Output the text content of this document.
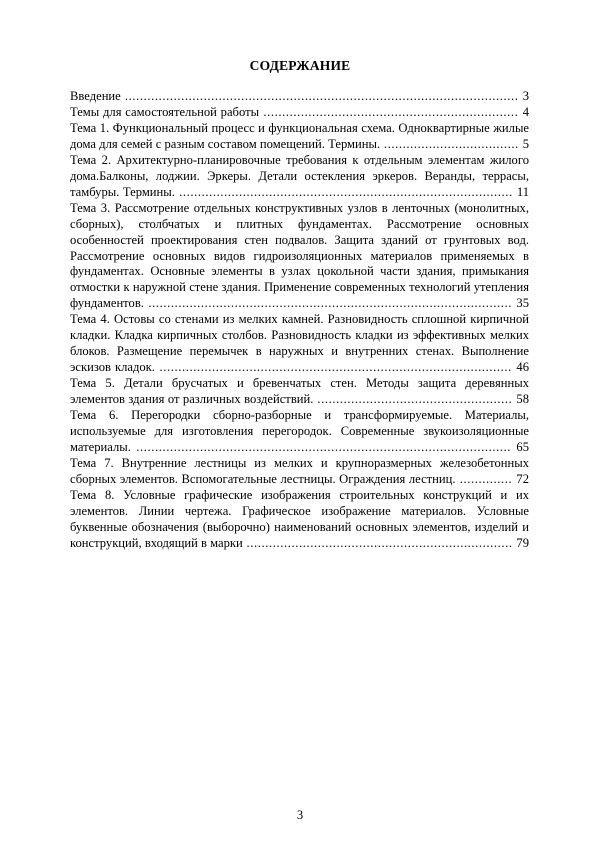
СОДЕРЖАНИЕ
Введение ......................................................................................................... 3
Темы для самостоятельной работы .................................................................... 4
Тема 1. Функциональный процесс и функциональная схема. Одноквартирные жилые дома для семей с разным составом помещений. Термины. .................................... 5
Тема 2. Архитектурно-планировочные требования к отдельным элементам жилого дома.Балконы, лоджии. Эркеры. Детали остекления эркеров. Веранды, террасы, тамбуры. Термины. ......................................................................................... 11
Тема 3. Рассмотрение отдельных конструктивных узлов в ленточных (монолитных, сборных), столбчатых и плитных фундаментах. Рассмотрение основных особенностей проектирования стен подвалов. Защита зданий от грунтовых вод. Рассмотрение основных видов гидроизоляционных материалов применяемых в фундаментах. Основные элементы в узлах цокольной части здания, примыкания отмостки к наружной стене здания. Применение современных технологий утепления фундаментов. ................................................................................................. 35
Тема 4. Остовы со стенами из мелких камней. Разновидность сплошной кирпичной кладки. Кладка кирпичных столбов. Разновидность кладки из эффективных мелких блоков. Размещение перемычек в наружных и внутренних стенах. Выполнение эскизов кладок. .............................................................................................. 46
Тема 5. Детали брусчатых и бревенчатых стен. Методы защита деревянных элементов здания от различных воздействий. .................................................... 58
Тема 6. Перегородки сборно-разборные и трансформируемые. Материалы, используемые для изготовления перегородок. Современные звукоизоляционные материалы. .................................................................................................... 65
Тема 7. Внутренние лестницы из мелких и крупноразмерных железобетонных сборных элементов. Вспомогательные лестницы. Ограждения лестниц. .............. 72
Тема 8. Условные графические изображения строительных конструкций и их элементов. Линии чертежа. Графическое изображение материалов. Условные буквенные обозначения (выборочно) наименований основных элементов, изделий и конструкций, входящий в марки ....................................................................... 79
3
